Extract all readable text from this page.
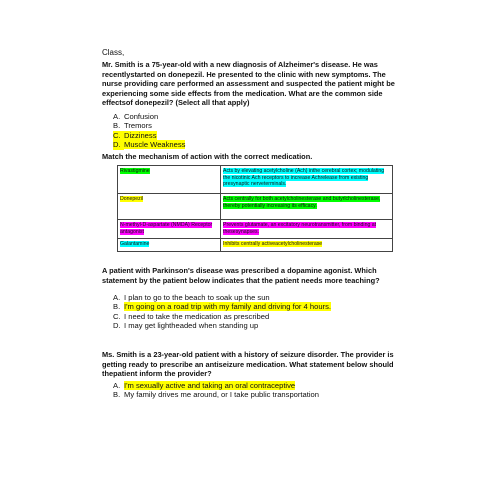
Class,
Mr. Smith is a 75-year-old with a new diagnosis of Alzheimer's disease. He was recentlystarted on donepezil. He presented to the clinic with new symptoms. The nurse providing care performed an assessment and suspected the patient might be experiencing some side effects from the medication. What are the common side effectsof donepezil? (Select all that apply)
A. Confusion
B. Tremors
C. Dizziness
D. Muscle Weakness
Match the mechanism of action with the correct medication.
Rivastigmine	Acts by elevating acetylcholine (Ach) inthe cerebral cortex; modulating the nicotinic Ach receptors to increase Achrelease from existing presynaptic nerveterminals.
Donepezil	Acts centrally for both acetylcholinesterase and butyrlcholinesterase, thereby potentially increasing its efficacy.
N-methyl-D-aspartate (NMDA) Receptor antagonist	Prevents glutamate, an excitatory neurotransmitter, from binding at thesesynapses.
Galantamine	Inhibits centrally activeacetylcholinesterase
A patient with Parkinson's disease was prescribed a dopamine agonist. Which statement by the patient below indicates that the patient needs more teaching?
A. I plan to go to the beach to soak up the sun
B. I'm going on a road trip with my family and driving for 4 hours.
C. I need to take the medication as prescribed
D. I may get lightheaded when standing up
Ms. Smith is a 23-year-old patient with a history of seizure disorder. The provider is getting ready to prescribe an antiseizure medication. What statement below should thepatient inform the provider?
A. I'm sexually active and taking an oral contraceptive
B. My family drives me around, or I take public transportation
